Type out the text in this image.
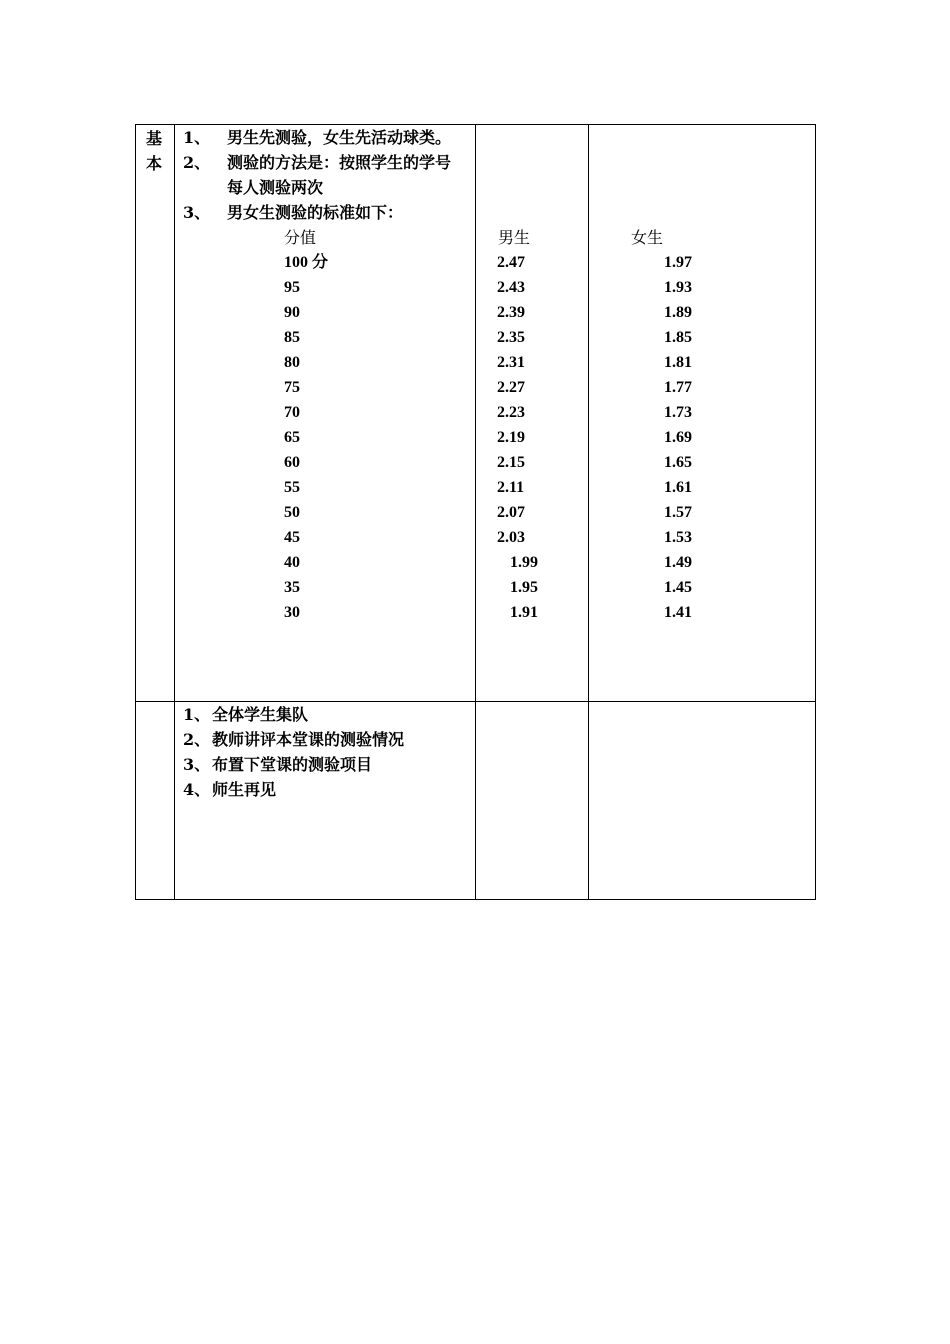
基
本
1、 男生先测验，女生先活动球类。
2、 测验的方法是：按照学生的学号
每人测验两次
3、 男女生测验的标准如下：
分值	男生	女生
100 分	2.47	1.97
95	2.43	1.93
90	2.39	1.89
85	2.35	1.85
80	2.31	1.81
75	2.27	1.77
70	2.23	1.73
65	2.19	1.69
60	2.15	1.65
55	2.11	1.61
50	2.07	1.57
45	2.03	1.53
40	1.99	1.49
35	1.95	1.45
30	1.91	1.41
1、 全体学生集队
2、 教师讲评本堂课的测验情况
3、 布置下堂课的测验项目
4、 师生再见
